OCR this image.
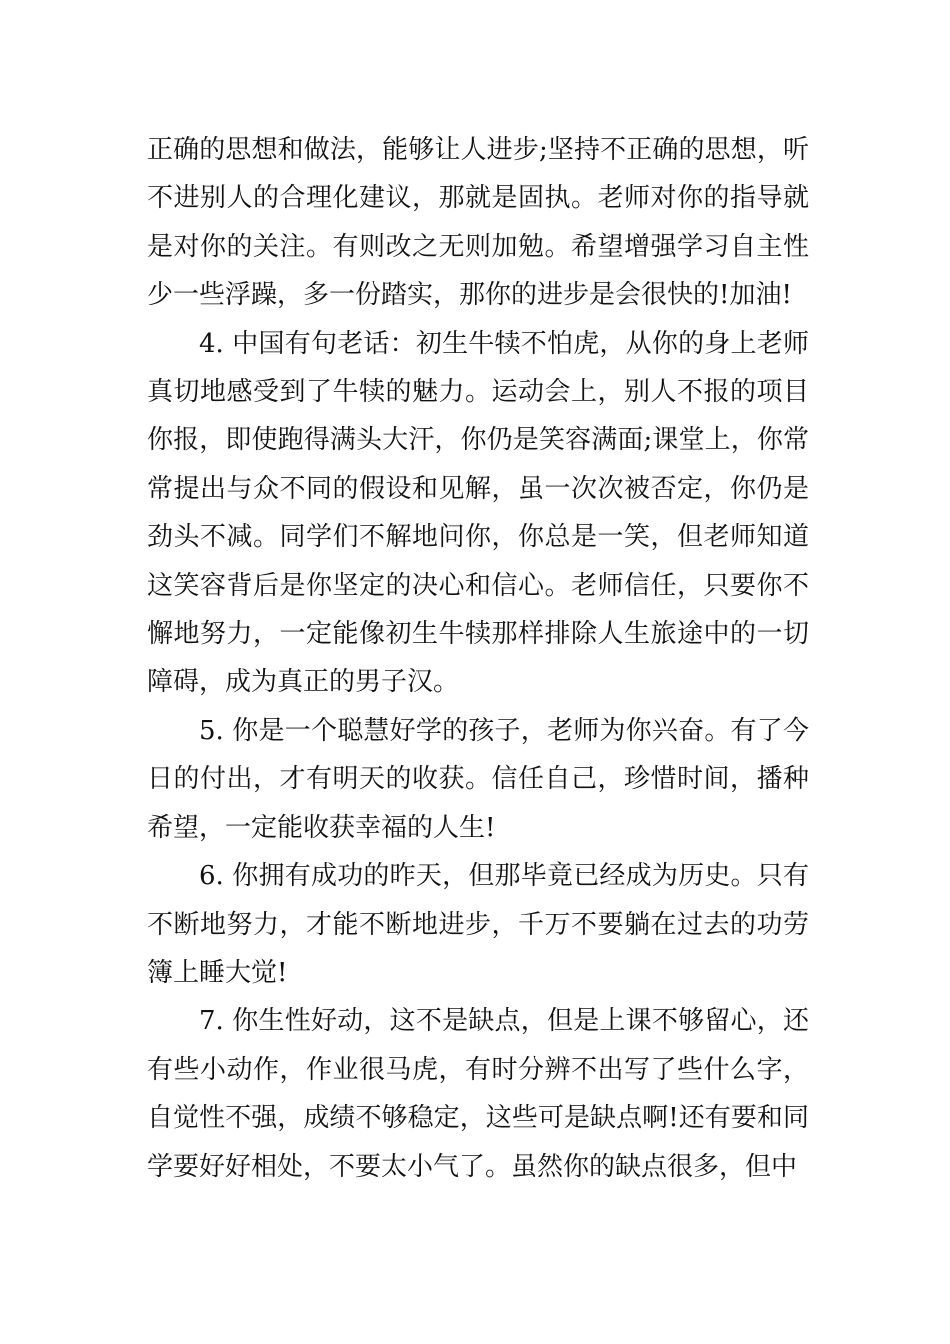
正确的思想和做法，能够让人进步;坚持不正确的思想，听不进别人的合理化建议，那就是固执。老师对你的指导就是对你的关注。有则改之无则加勉。希望增强学习自主性少一些浮躁，多一份踏实，那你的进步是会很快的!加油!

4. 中国有句老话：初生牛犊不怕虎，从你的身上老师真切地感受到了牛犊的魅力。运动会上，别人不报的项目你报，即使跑得满头大汗，你仍是笑容满面;课堂上，你常常提出与众不同的假设和见解，虽一次次被否定，你仍是劲头不减。同学们不解地问你，你总是一笑，但老师知道这笑容背后是你坚定的决心和信心。老师信任，只要你不懈地努力，一定能像初生牛犊那样排除人生旅途中的一切障碍，成为真正的男子汉。

5. 你是一个聪慧好学的孩子，老师为你兴奋。有了今日的付出，才有明天的收获。信任自己，珍惜时间，播种希望，一定能收获幸福的人生!

6. 你拥有成功的昨天，但那毕竟已经成为历史。只有不断地努力，才能不断地进步，千万不要躺在过去的功劳簿上睡大觉!

7. 你生性好动，这不是缺点，但是上课不够留心，还有些小动作，作业很马虎，有时分辨不出写了些什么字，自觉性不强，成绩不够稳定，这些可是缺点啊!还有要和同学要好好相处，不要太小气了。虽然你的缺点很多，但中
